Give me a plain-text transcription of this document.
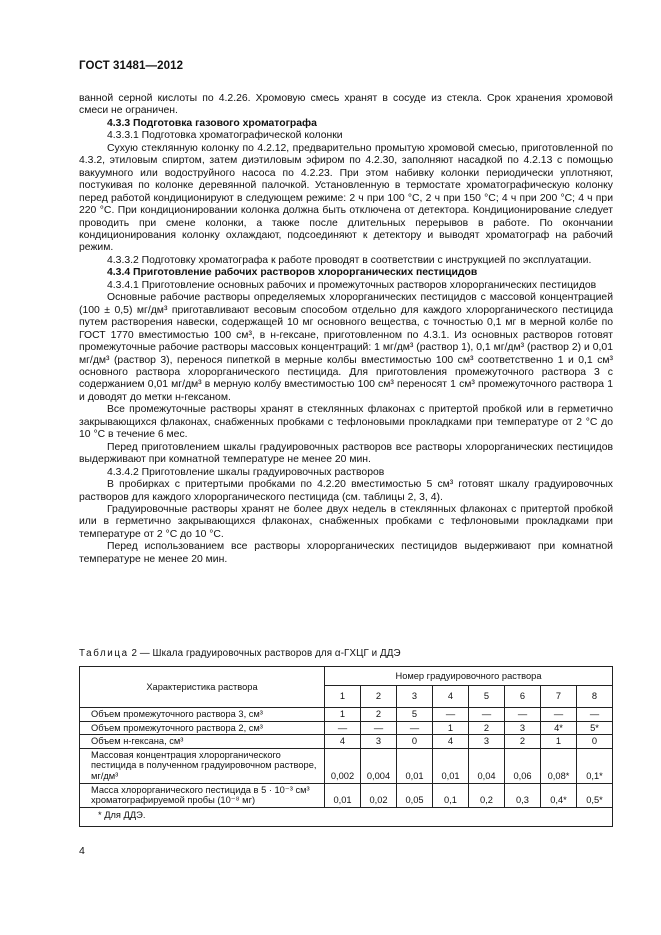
ГОСТ 31481—2012

ванной серной кислоты по 4.2.26. Хромовую смесь хранят в сосуде из стекла. Срок хранения хромовой смеси не ограничен.

4.3.3 Подготовка газового хроматографа

4.3.3.1 Подготовка хроматографической колонки

Сухую стеклянную колонку по 4.2.12, предварительно промытую хромовой смесью, приготовленной по 4.3.2, этиловым спиртом, затем диэтиловым эфиром по 4.2.30, заполняют насадкой по 4.2.13 с помощью вакуумного или водоструйного насоса по 4.2.23. При этом набивку колонки периодически уплотняют, постукивая по колонке деревянной палочкой. Установленную в термостате хроматографическую колонку перед работой кондиционируют в следующем режиме: 2 ч при 100 °С, 2 ч при 150 °С; 4 ч при 200 °С; 4 ч при 220 °С. При кондиционировании колонка должна быть отключена от детектора. Кондиционирование следует проводить при смене колонки, а также после длительных перерывов в работе. По окончании кондиционирования колонку охлаждают, подсоединяют к детектору и выводят хроматограф на рабочий режим.

4.3.3.2 Подготовку хроматографа к работе проводят в соответствии с инструкцией по эксплуатации.

4.3.4 Приготовление рабочих растворов хлорорганических пестицидов

4.3.4.1 Приготовление основных рабочих и промежуточных растворов хлорорганических пестицидов

Основные рабочие растворы определяемых хлорорганических пестицидов с массовой концентрацией (100 ± 0,5) мг/дм³ приготавливают весовым способом отдельно для каждого хлорорганического пестицида путем растворения навески, содержащей 10 мг основного вещества, с точностью 0,1 мг в мерной колбе по ГОСТ 1770 вместимостью 100 см³, в н-гексане, приготовленном по 4.3.1. Из основных растворов готовят промежуточные рабочие растворы массовых концентраций: 1 мг/дм³ (раствор 1), 0,1 мг/дм³ (раствор 2) и 0,01 мг/дм³ (раствор 3), перенося пипеткой в мерные колбы вместимостью 100 см³ соответственно 1 и 0,1 см³ основного раствора хлорорганического пестицида. Для приготовления промежуточного раствора 3 с содержанием 0,01 мг/дм³ в мерную колбу вместимостью 100 см³ переносят 1 см³ промежуточного раствора 1 и доводят до метки н-гексаном.

Все промежуточные растворы хранят в стеклянных флаконах с притертой пробкой или в герметично закрывающихся флаконах, снабженных пробками с тефлоновыми прокладками при температуре от 2 °С до 10 °С в течение 6 мес.

Перед приготовлением шкалы градуировочных растворов все растворы хлорорганических пестицидов выдерживают при комнатной температуре не менее 20 мин.

4.3.4.2 Приготовление шкалы градуировочных растворов

В пробирках с притертыми пробками по 4.2.20 вместимостью 5 см³ готовят шкалу градуировочных растворов для каждого хлорорганического пестицида (см. таблицы 2, 3, 4).

Градуировочные растворы хранят не более двух недель в стеклянных флаконах с притертой пробкой или в герметично закрывающихся флаконах, снабженных пробками с тефлоновыми прокладками при температуре от 2 °С до 10 °С.

Перед использованием все растворы хлорорганических пестицидов выдерживают при комнатной температуре не менее 20 мин.

Таблица 2 — Шкала градуировочных растворов для α-ГХЦГ и ДДЭ
Характеристика раствора	Номер градуировочного раствора							
	1	2	3	4	5	6	7	8
Объем промежуточного раствора 3, см³	1	2	5	—	—	—	—	—
Объем промежуточного раствора 2, см³	—	—	—	1	2	3	4*	5*
Объем н-гексана, см³	4	3	0	4	3	2	1	0
Массовая концентрация хлорорганического пестицида в полученном градуировочном растворе, мг/дм³	0,002	0,004	0,01	0,01	0,04	0,06	0,08*	0,1*
Масса хлорорганического пестицида в 5 · 10⁻³ см³ хроматографируемой пробы (10⁻⁸ мг)	0,01	0,02	0,05	0,1	0,2	0,3	0,4*	0,5*
* Для ДДЭ.								
4
